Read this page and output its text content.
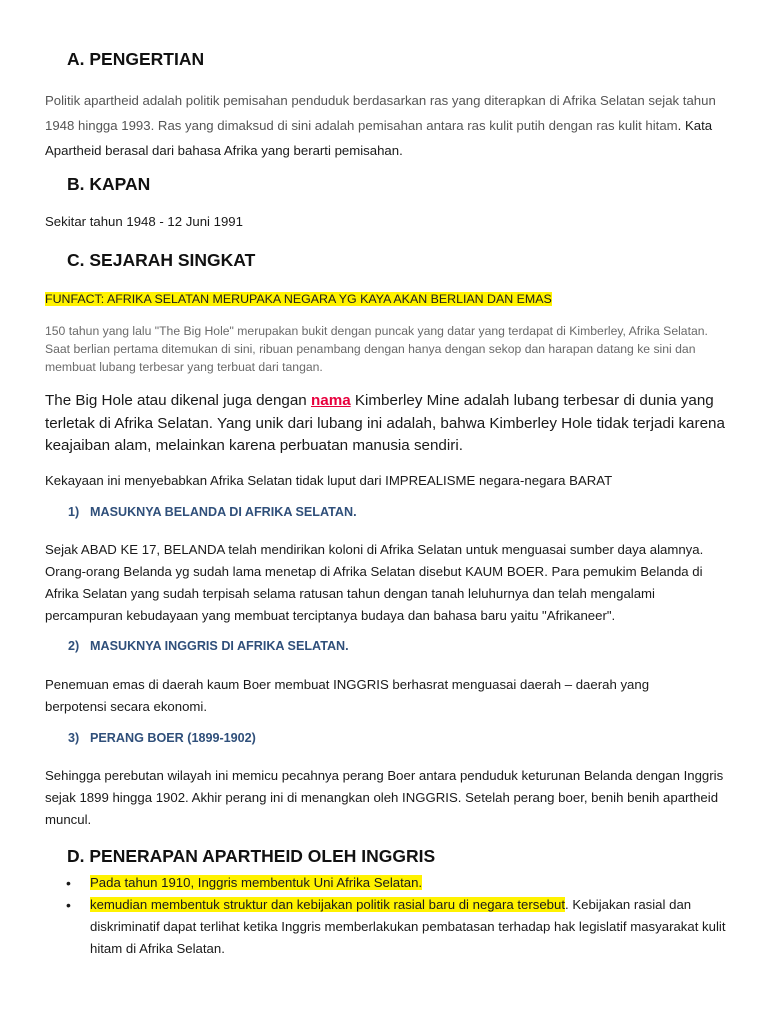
A. PENGERTIAN
Politik apartheid adalah politik pemisahan penduduk berdasarkan ras yang diterapkan di Afrika Selatan sejak tahun 1948 hingga 1993. Ras yang dimaksud di sini adalah pemisahan antara ras kulit putih dengan ras kulit hitam. Kata Apartheid berasal dari bahasa Afrika yang berarti pemisahan.
B. KAPAN
Sekitar tahun 1948 - 12 Juni 1991
C. SEJARAH SINGKAT
FUNFACT: AFRIKA SELATAN MERUPAKA NEGARA YG KAYA AKAN BERLIAN DAN EMAS
150 tahun yang lalu "The Big Hole" merupakan bukit dengan puncak yang datar yang terdapat di Kimberley, Afrika Selatan. Saat berlian pertama ditemukan di sini, ribuan penambang dengan hanya dengan sekop dan harapan datang ke sini dan membuat lubang terbesar yang terbuat dari tangan.
The Big Hole atau dikenal juga dengan nama Kimberley Mine adalah lubang terbesar di dunia yang terletak di Afrika Selatan. Yang unik dari lubang ini adalah, bahwa Kimberley Hole tidak terjadi karena keajaiban alam, melainkan karena perbuatan manusia sendiri.
Kekayaan ini menyebabkan Afrika Selatan tidak luput dari IMPREALISME negara-negara BARAT
1) MASUKNYA BELANDA DI AFRIKA SELATAN.
Sejak ABAD KE 17, BELANDA telah mendirikan koloni di Afrika Selatan untuk menguasai sumber daya alamnya. Orang-orang Belanda yg sudah lama menetap di Afrika Selatan disebut KAUM BOER. Para pemukim Belanda di Afrika Selatan yang sudah terpisah selama ratusan tahun dengan tanah leluhurnya dan telah mengalami percampuran kebudayaan yang membuat terciptanya budaya dan bahasa baru yaitu "Afrikaneer".
2) MASUKNYA INGGRIS DI AFRIKA SELATAN.
Penemuan emas di daerah kaum Boer membuat INGGRIS berhasrat menguasai daerah – daerah yang berpotensi secara ekonomi.
3) PERANG BOER (1899-1902)
Sehingga perebutan wilayah ini memicu pecahnya perang Boer antara penduduk keturunan Belanda dengan Inggris sejak 1899 hingga 1902. Akhir perang ini di menangkan oleh INGGRIS. Setelah perang boer, benih benih apartheid muncul.
D. PENERAPAN APARTHEID OLEH INGGRIS
• Pada tahun 1910, Inggris membentuk Uni Afrika Selatan.
• kemudian membentuk struktur dan kebijakan politik rasial baru di negara tersebut. Kebijakan rasial dan diskriminatif dapat terlihat ketika Inggris memberlakukan pembatasan terhadap hak legislatif masyarakat kulit hitam di Afrika Selatan.
